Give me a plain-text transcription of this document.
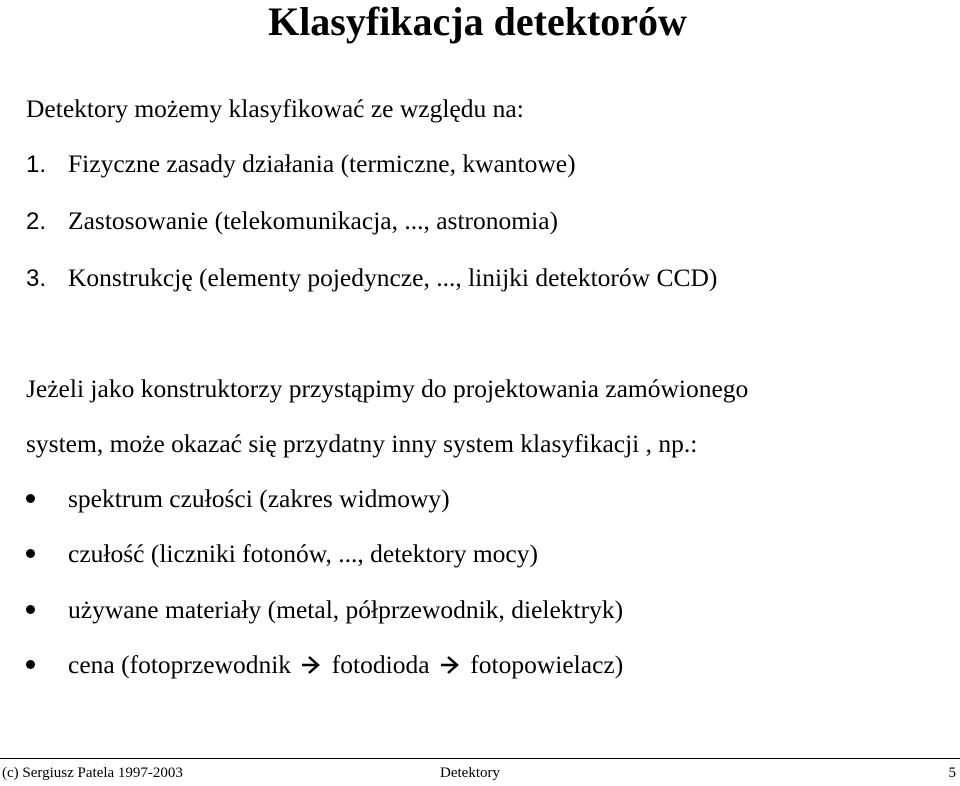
Klasyfikacja detektorów
Detektory możemy klasyfikować ze względu na:
1. Fizyczne zasady działania (termiczne, kwantowe)
2. Zastosowanie (telekomunikacja, ..., astronomia)
3. Konstrukcję (elementy pojedyncze, ..., linijki detektorów CCD)
Jeżeli jako konstruktorzy przystąpimy do projektowania zamówionego
system, może okazać się przydatny inny system klasyfikacji , np.:
spektrum czułości (zakres widmowy)
czułość (liczniki fotonów, ..., detektory mocy)
używane materiały (metal, półprzewodnik, dielektryk)
cena (fotoprzewodnik fotodioda fotopowielacz)
(c) Sergiusz Patela 1997-2003	Detektory	5
